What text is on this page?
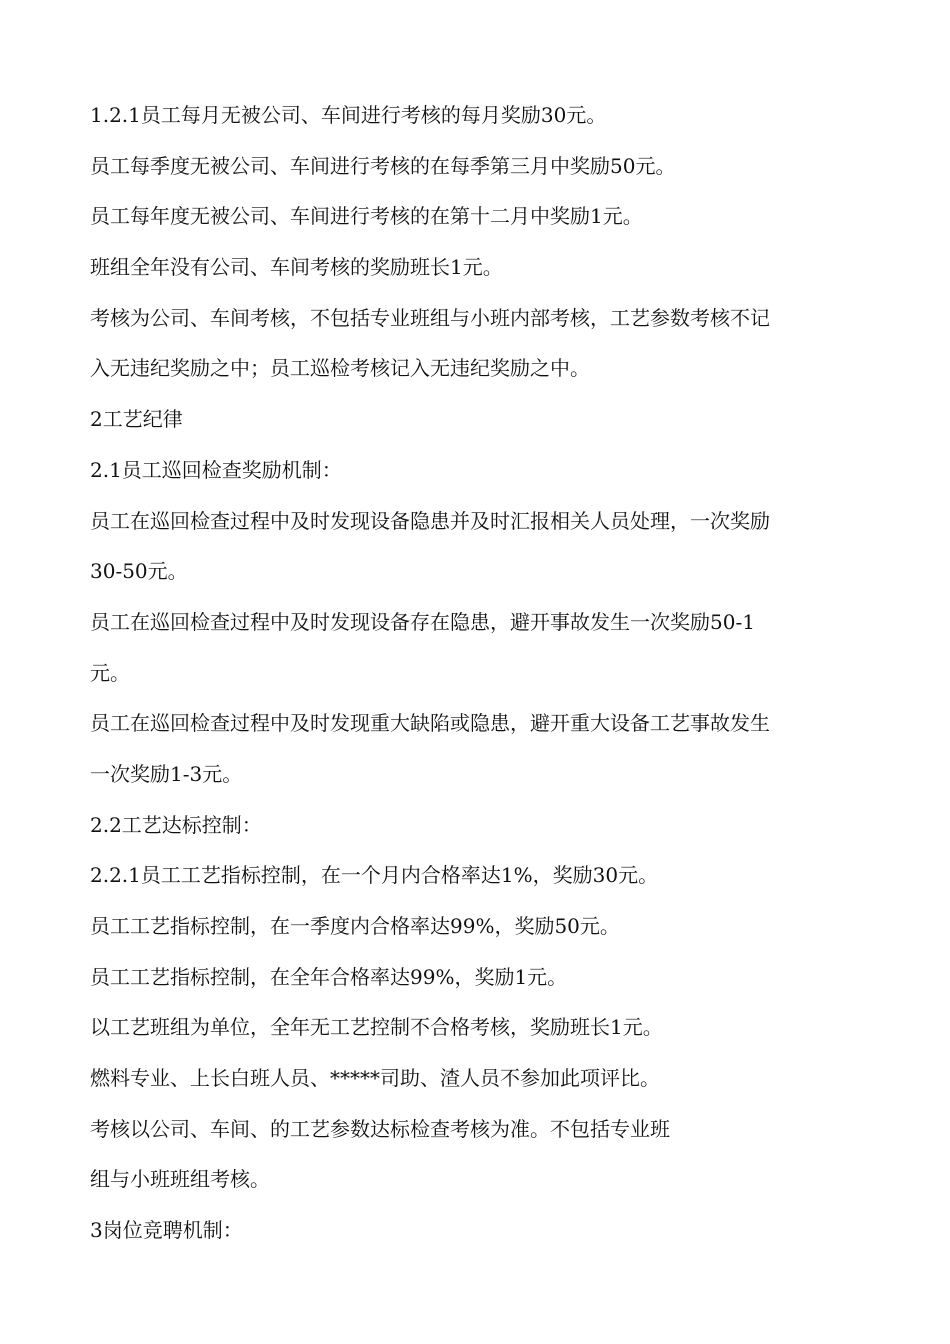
1.2.1员工每月无被公司、车间进行考核的每月奖励30元。
员工每季度无被公司、车间进行考核的在每季第三月中奖励50元。
员工每年度无被公司、车间进行考核的在第十二月中奖励1元。
班组全年没有公司、车间考核的奖励班长1元。
考核为公司、车间考核，不包括专业班组与小班内部考核，工艺参数考核不记
入无违纪奖励之中；员工巡检考核记入无违纪奖励之中。
2工艺纪律
2.1员工巡回检查奖励机制：
员工在巡回检查过程中及时发现设备隐患并及时汇报相关人员处理，一次奖励
30-50元。
员工在巡回检查过程中及时发现设备存在隐患，避开事故发生一次奖励50-1
元。
员工在巡回检查过程中及时发现重大缺陷或隐患，避开重大设备工艺事故发生
一次奖励1-3元。
2.2工艺达标控制：
2.2.1员工工艺指标控制，在一个月内合格率达1%，奖励30元。
员工工艺指标控制，在一季度内合格率达99%，奖励50元。
员工工艺指标控制，在全年合格率达99%，奖励1元。
以工艺班组为单位，全年无工艺控制不合格考核，奖励班长1元。
燃料专业、上长白班人员、*****司助、渣人员不参加此项评比。
考核以公司、车间、的工艺参数达标检查考核为准。不包括专业班
组与小班班组考核。
3岗位竞聘机制：
